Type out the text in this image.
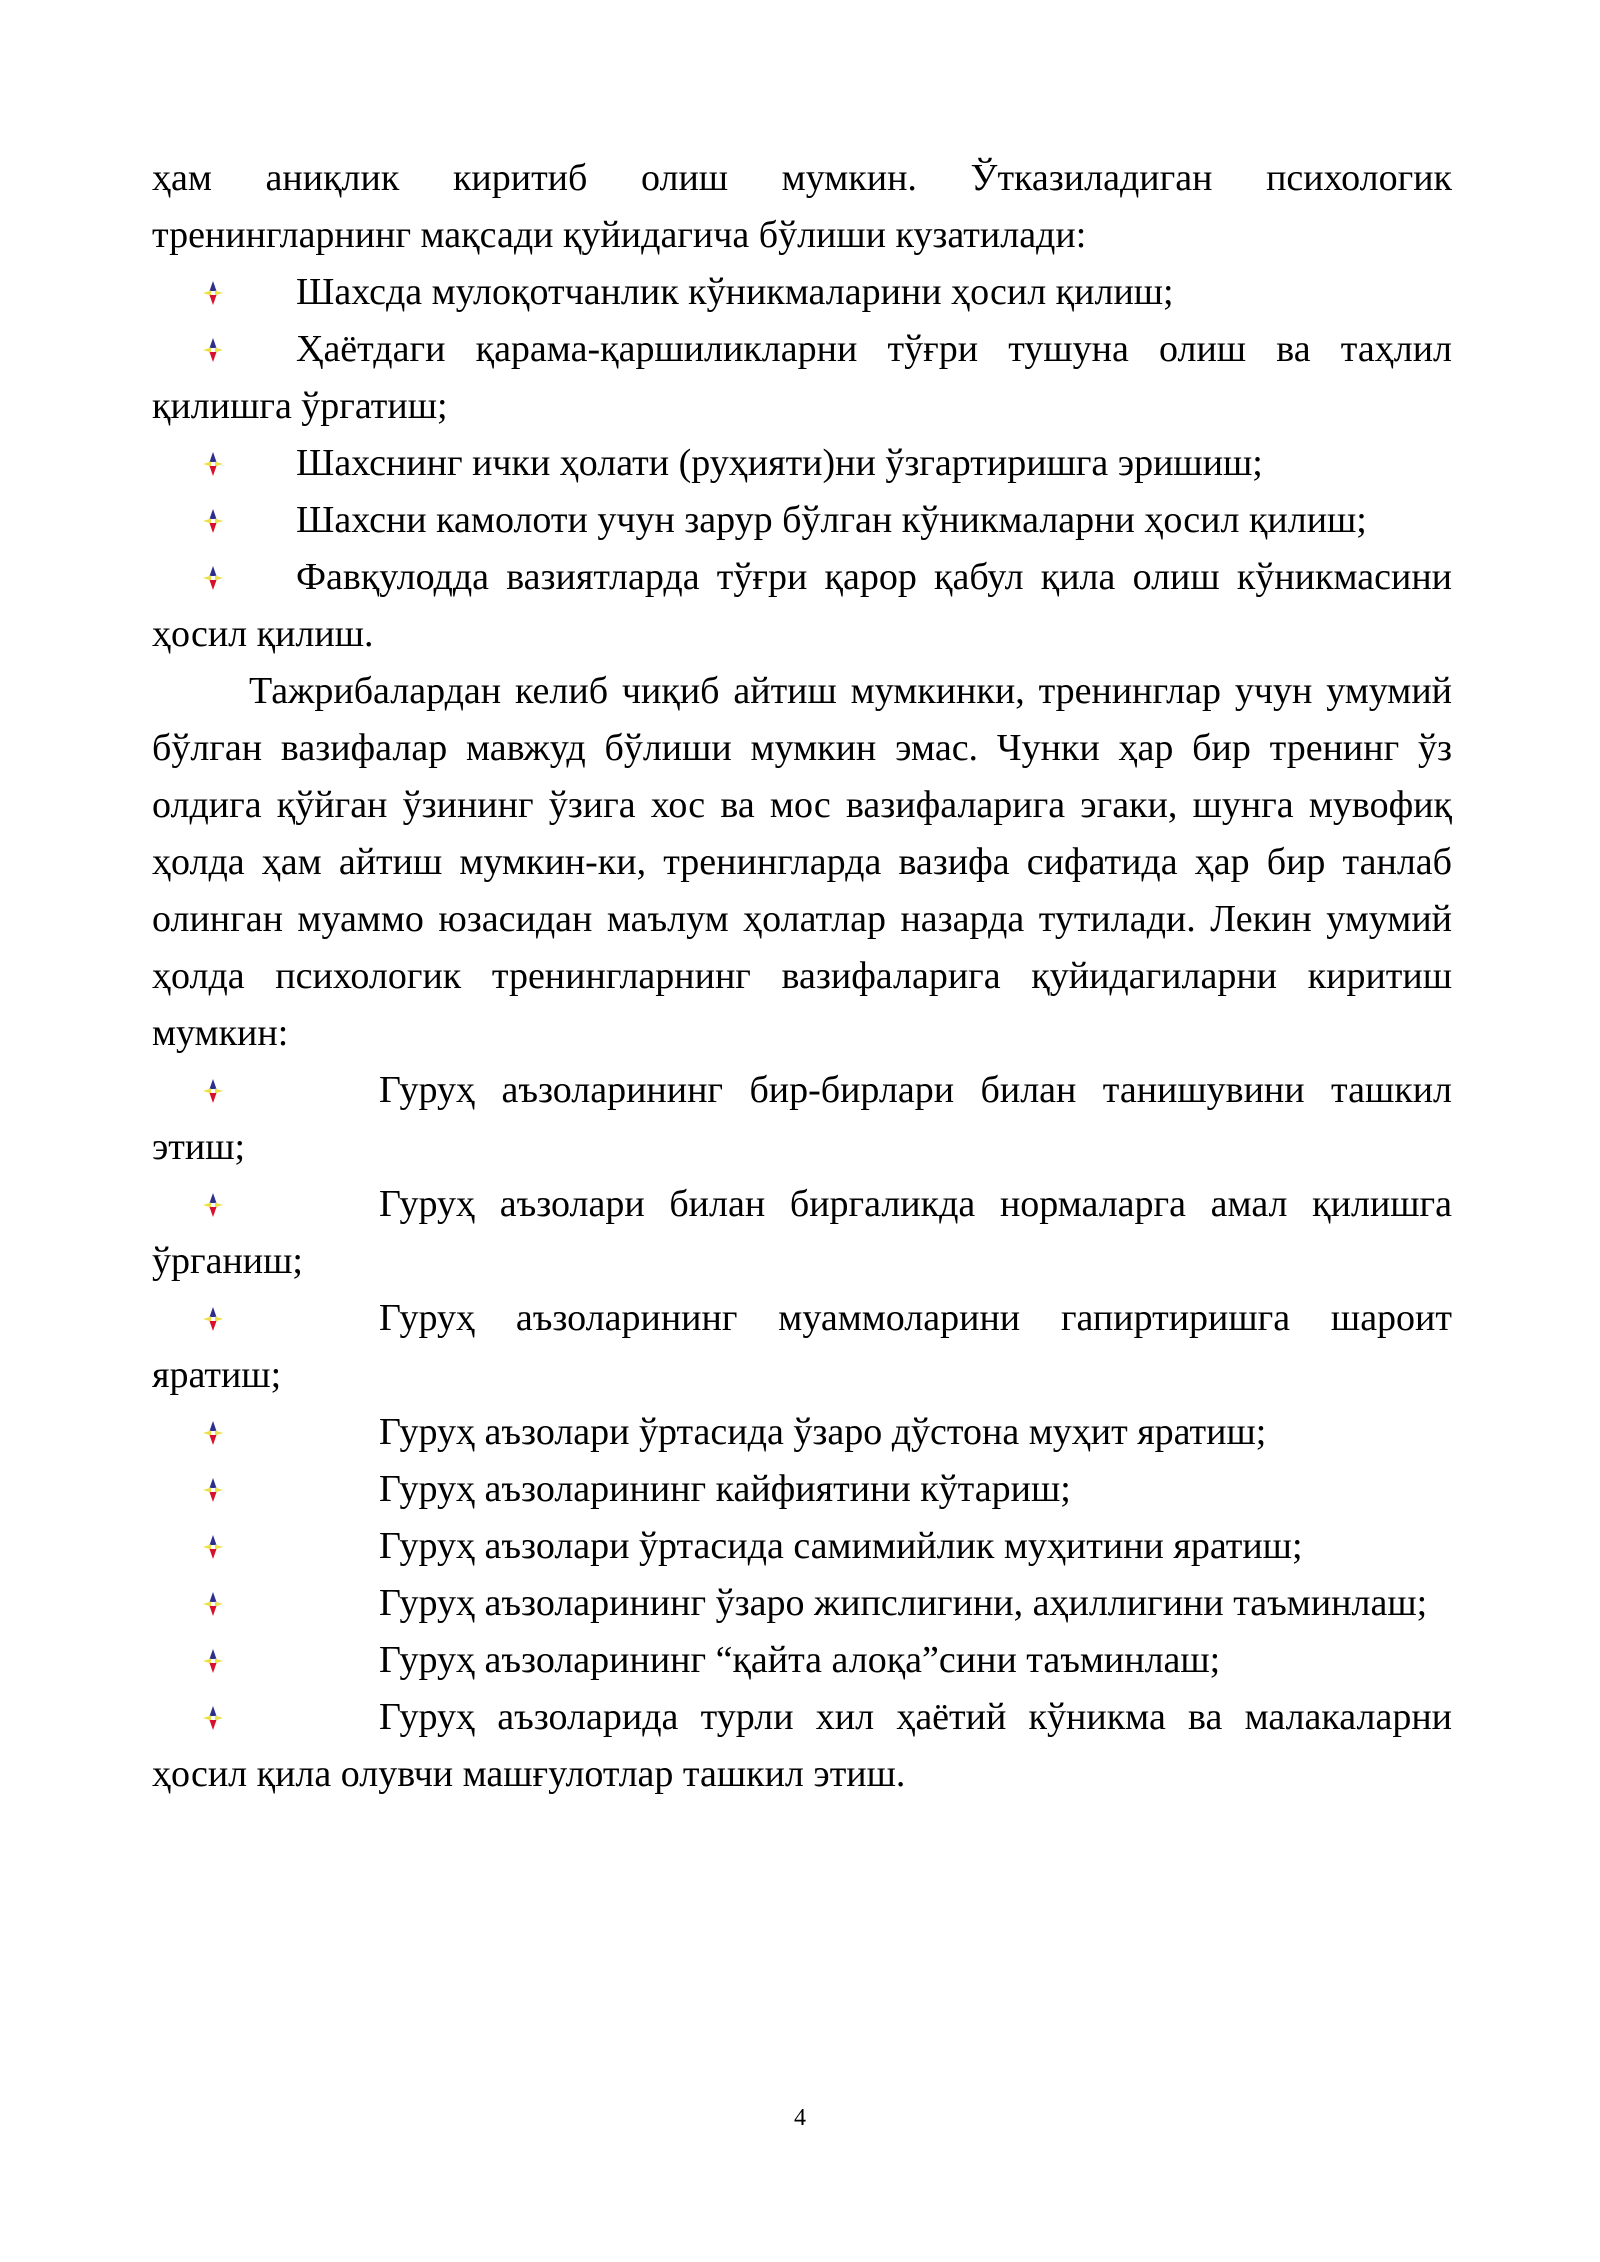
ҳам аниқлик киритиб олиш мумкин. Ўтказиладиган психологик тренингларнинг мақсади қуйидагича бўлиши кузатилади:

Шахсда мулоқотчанлик кўникмаларини ҳосил қилиш;

Ҳаётдаги қарама-қаршиликларни тўғри тушуна олиш ва таҳлил қилишга ўргатиш;

Шахснинг ички ҳолати (руҳияти)ни ўзгартиришга эришиш;

Шахсни камолоти учун зарур бўлган кўникмаларни ҳосил қилиш;

Фавқулодда вазиятларда тўғри қарор қабул қила олиш кўникмасини ҳосил қилиш.

Тажрибалардан келиб чиқиб айтиш мумкинки, тренинглар учун умумий бўлган вазифалар мавжуд бўлиши мумкин эмас. Чунки ҳар бир тренинг ўз олдига қўйган ўзининг ўзига хос ва мос вазифаларига эгаки, шунга мувофиқ ҳолда ҳам айтиш мумкин-ки, тренингларда вазифа сифатида ҳар бир танлаб олинган муаммо юзасидан маълум ҳолатлар назарда тутилади. Лекин умумий ҳолда психологик тренингларнинг вазифаларига қуйидагиларни киритиш мумкин:

Гуруҳ аъзоларининг бир-бирлари билан танишувини ташкил этиш;

Гуруҳ аъзолари билан биргаликда нормаларга амал қилишга ўрганиш;

Гуруҳ аъзоларининг муаммоларини гапиртиришга шароит яратиш;

Гуруҳ аъзолари ўртасида ўзаро дўстона муҳит яратиш;

Гуруҳ аъзоларининг кайфиятини кўтариш;

Гуруҳ аъзолари ўртасида самимийлик муҳитини яратиш;

Гуруҳ аъзоларининг ўзаро жипслигини, аҳиллигини таъминлаш;

Гуруҳ аъзоларининг “қайта алоқа”сини таъминлаш;

Гуруҳ аъзоларида турли хил ҳаётий кўникма ва малакаларни ҳосил қила олувчи машғулотлар ташкил этиш.

4
